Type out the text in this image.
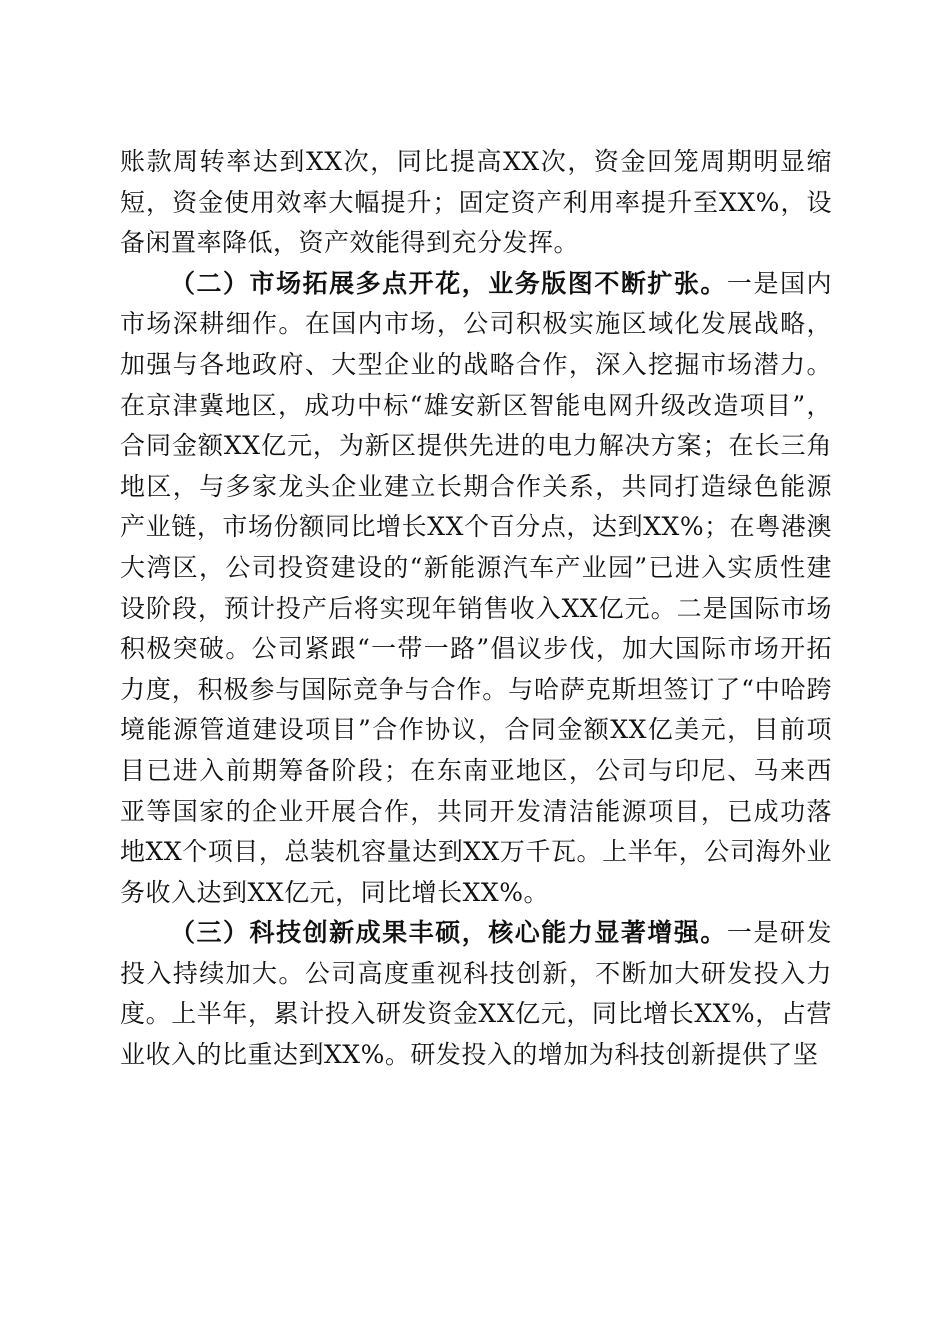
账款周转率达到XX次，同比提高XX次，资金回笼周期明显缩短，资金使用效率大幅提升；固定资产利用率提升至XX%，设备闲置率降低，资产效能得到充分发挥。

（二）市场拓展多点开花，业务版图不断扩张。一是国内市场深耕细作。在国内市场，公司积极实施区域化发展战略，加强与各地政府、大型企业的战略合作，深入挖掘市场潜力。在京津冀地区，成功中标“雄安新区智能电网升级改造项目”，合同金额XX亿元，为新区提供先进的电力解决方案；在长三角地区，与多家龙头企业建立长期合作关系，共同打造绿色能源产业链，市场份额同比增长XX个百分点，达到XX%；在粤港澳大湾区，公司投资建设的“新能源汽车产业园”已进入实质性建设阶段，预计投产后将实现年销售收入XX亿元。二是国际市场积极突破。公司紧跟“一带一路”倡议步伐，加大国际市场开拓力度，积极参与国际竞争与合作。与哈萨克斯坦签订了“中哈跨境能源管道建设项目”合作协议，合同金额XX亿美元，目前项目已进入前期筹备阶段；在东南亚地区，公司与印尼、马来西亚等国家的企业开展合作，共同开发清洁能源项目，已成功落地XX个项目，总装机容量达到XX万千瓦。上半年，公司海外业务收入达到XX亿元，同比增长XX%。

（三）科技创新成果丰硕，核心能力显著增强。一是研发投入持续加大。公司高度重视科技创新，不断加大研发投入力度。上半年，累计投入研发资金XX亿元，同比增长XX%，占营业收入的比重达到XX%。研发投入的增加为科技创新提供了坚
